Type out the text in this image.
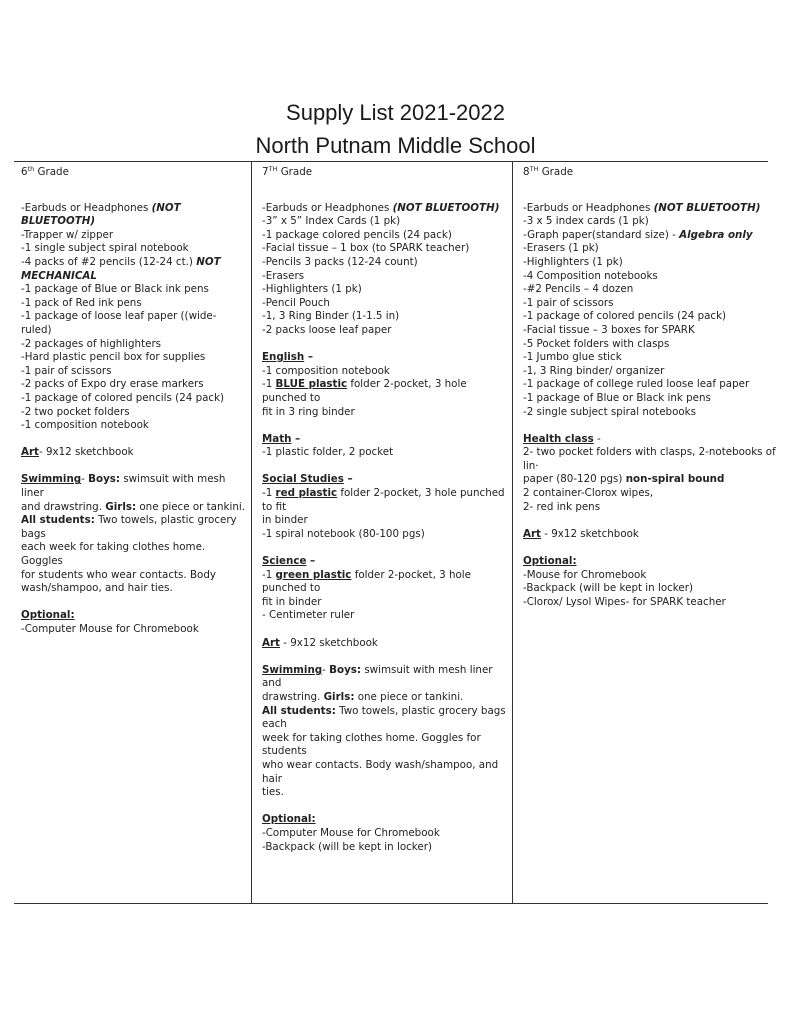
Supply List 2021-2022
North Putnam Middle School
6th Grade
-Earbuds or Headphones (NOT BLUETOOTH)
-Trapper w/ zipper
-1 single subject spiral notebook
-4 packs of #2 pencils (12-24 ct.) NOT
MECHANICAL
-1 package of Blue or Black ink pens
-1 pack of Red ink pens
-1 package of loose leaf paper ((wide-ruled)
-2 packages of highlighters
-Hard plastic pencil box for supplies
-1 pair of scissors
-2 packs of Expo dry erase markers
-1 package of colored pencils (24 pack)
-2 two pocket folders
-1 composition notebook
Art- 9x12 sketchbook
Swimming- Boys: swimsuit with mesh liner
and drawstring. Girls: one piece or tankini.
All students: Two towels, plastic grocery bags
each week for taking clothes home. Goggles
for students who wear contacts. Body
wash/shampoo, and hair ties.
Optional:
-Computer Mouse for Chromebook
7TH Grade
-Earbuds or Headphones (NOT BLUETOOTH)
-3” x 5” Index Cards (1 pk)
-1 package colored pencils (24 pack)
-Facial tissue – 1 box (to SPARK teacher)
-Pencils 3 packs (12-24 count)
-Erasers
-Highlighters (1 pk)
-Pencil Pouch
-1, 3 Ring Binder (1-1.5 in)
-2 packs loose leaf paper
English –
-1 composition notebook
-1 BLUE plastic folder 2-pocket, 3 hole punched to
fit in 3 ring binder
Math –
-1 plastic folder, 2 pocket
Social Studies –
-1 red plastic folder 2-pocket, 3 hole punched to fit
in binder
-1 spiral notebook (80-100 pgs)
Science –
-1 green plastic folder 2-pocket, 3 hole punched to
fit in binder
- Centimeter ruler
Art - 9x12 sketchbook
Swimming- Boys: swimsuit with mesh liner and
drawstring. Girls: one piece or tankini.
All students: Two towels, plastic grocery bags each
week for taking clothes home. Goggles for students
who wear contacts. Body wash/shampoo, and hair
ties.
Optional:
-Computer Mouse for Chromebook
-Backpack (will be kept in locker)
8TH Grade
-Earbuds or Headphones (NOT BLUETOOTH)
-3 x 5 index cards (1 pk)
-Graph paper(standard size) - Algebra only
-Erasers (1 pk)
-Highlighters (1 pk)
-4 Composition notebooks
-#2 Pencils – 4 dozen
-1 pair of scissors
-1 package of colored pencils (24 pack)
-Facial tissue – 3 boxes for SPARK
-5 Pocket folders with clasps
-1 Jumbo glue stick
-1, 3 Ring binder/ organizer
-1 package of college ruled loose leaf paper
-1 package of Blue or Black ink pens
-2 single subject spiral notebooks
Health class -
2- two pocket folders with clasps, 2-notebooks of lin·
paper (80-120 pgs) non-spiral bound
2 container-Clorox wipes,
2- red ink pens
Art - 9x12 sketchbook
Optional:
-Mouse for Chromebook
-Backpack (will be kept in locker)
-Clorox/ Lysol Wipes- for SPARK teacher
